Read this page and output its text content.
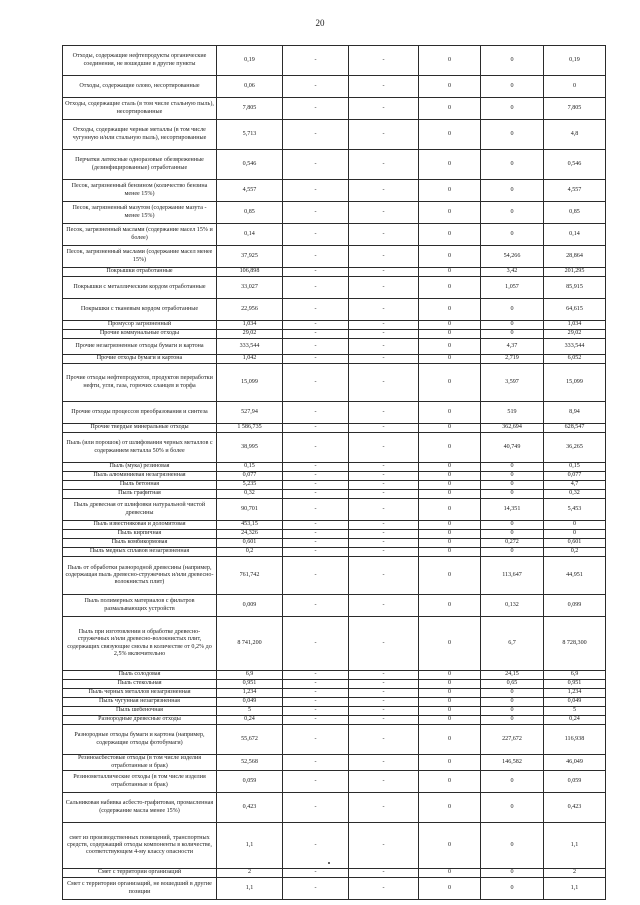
20
Отходы, содержащие нефтепродукты органические соединения, не вошедшие в другие пункты	0,19	-	-	0	0	0,19	
Отходы, содержащие олово, несортированные	0,06	-	-	0	0	0	
Отходы, содержащие сталь (в том числе стальную пыль), несортированные	7,805	-	-	0	0	7,805	
Отходы, содержащие черные металлы (в том числе чугунную и/или стальную пыль), несортированные	5,713	-	-	0	0	4,8	
Перчатки латексные одноразовые обезвреженные (дезинфицированные) отработанные	0,546	-	-	0	0	0,546	
Песок, загрязненный бензином (количество бензина менее 15%)	4,557	-	-	0	0	4,557	
Песок, загрязненный мазутом (содержание мазута - менее 15%)	0,85	-	-	0	0	0,85	
Песок, загрязненный маслами (содержание масел 15% и более)	0,14	-	-	0	0	0,14	
Песок, загрязненный маслами (содержание масел менее 15%)	37,925	-	-	0	54,266	28,864	
Покрышки отработанные	106,898	-	-	0	3,42	201,295	
Покрышки с металлическим кордом отработанные	33,027	-	-	0	1,057	85,915	
Покрышки с тканевым кордом отработанные	22,956	-	-	0	0	64,615	
Промусор загрязненный	1,034	-	-	0	0	1,034	
Прочие коммунальные отходы	29,02	-	-	0	0	29,02	
Прочие незагрязненные отходы бумаги и картона	333,544	-	-	0	4,37	333,544	
Прочие отходы бумаги и картона	1,042	-	-	0	2,719	6,052	
Прочие отходы нефтепродуктов, продуктов переработки нефти, угля, газа, горючих сланцев и торфа	15,099	-	-	0	3,597	15,099	
Прочие отходы процессов преобразования и синтеза	527,94	-	-	0	519	8,94	
Прочие твердые минеральные отходы	1 586,735	-	-	0	362,694	628,547	
Пыль (или порошок) от шлифования черных металлов с содержанием металла 50% и более	38,995	-	-	0	40,749	36,265	
Пыль (мука) резиновая	0,15	-	-	0	0	0,15	
Пыль алюминиевая незагрязненная	0,077	-	-	0	0	0,077	
Пыль бетонная	5,235	-	-	0	0	4,7	
Пыль графитная	0,32	-	-	0	0	0,32	
Пыль древесная от шлифовки натуральной чистой древесины	90,701	-	-	0	14,351	5,453	
Пыль известняковая и доломитовая	453,15	-	-	0	0	0	
Пыль кирпичная	24,326	-	-	0	0	0	
Пыль комбикормовая	0,601	-	-	0	0,272	0,601	
Пыль медных сплавов незагрязненная	0,2	-	-	0	0	0,2	
Пыль от обработки разнородной древесины (например, содержащая пыль древесно-стружечных и/или древесно-волокнистых плит)	761,742	-	-	0	113,647	44,951	
Пыль полимерных материалов с фильтров размалывающих устройств	0,009	-	-	0	0,132	0,099	
Пыль при изготовлении и обработке древесно-стружечных и/или древесно-волокнистых плит, содержащих связующие смолы в количестве от 0,2% до 2,5% включительно	8 741,200	-	-	0	6,7	8 728,300	
Пыль солодовая	6,9	-	-	0	24,15	6,9	
Пыль стекольная	0,951	-	-	0	0,65	0,951	
Пыль черных металлов незагрязненная	1,234	-	-	0	0	1,234	
Пыль чугунная незагрязненная	0,049	-	-	0	0	0,049	
Пыль шебеночная	5	-	-	0	0	5	
Разнородные древесные отходы	0,24	-	-	0	0	0,24	
Разнородные отходы бумаги и картона (например, содержащие отходы фотобумаги)	55,672	-	-	0	227,672	116,938	
Резинoасбестовые отходы (в том числе изделия отработанные и брак)	52,568	-	-	0	146,582	46,049	
Резинометаллические отходы (в том числе изделия отработанные и брак)	0,059	-	-	0	0	0,059	
Сальниковая набивка асбесто-графитовая, промасленная (содержание масла менее 15%)	0,423	-	-	0	0	0,423	
смет из производственных помещений, транспортных средств, содержащий отходы компоненты в количестве, соответствующем 4-му классу опасности	1,1	-	-	0	0	1,1	
Смет с территории организаций	2	-	-	0	0	2	
Смет с территории организаций, не вошедший в другие позиции	1,1	-	-	0	0	1,1	
